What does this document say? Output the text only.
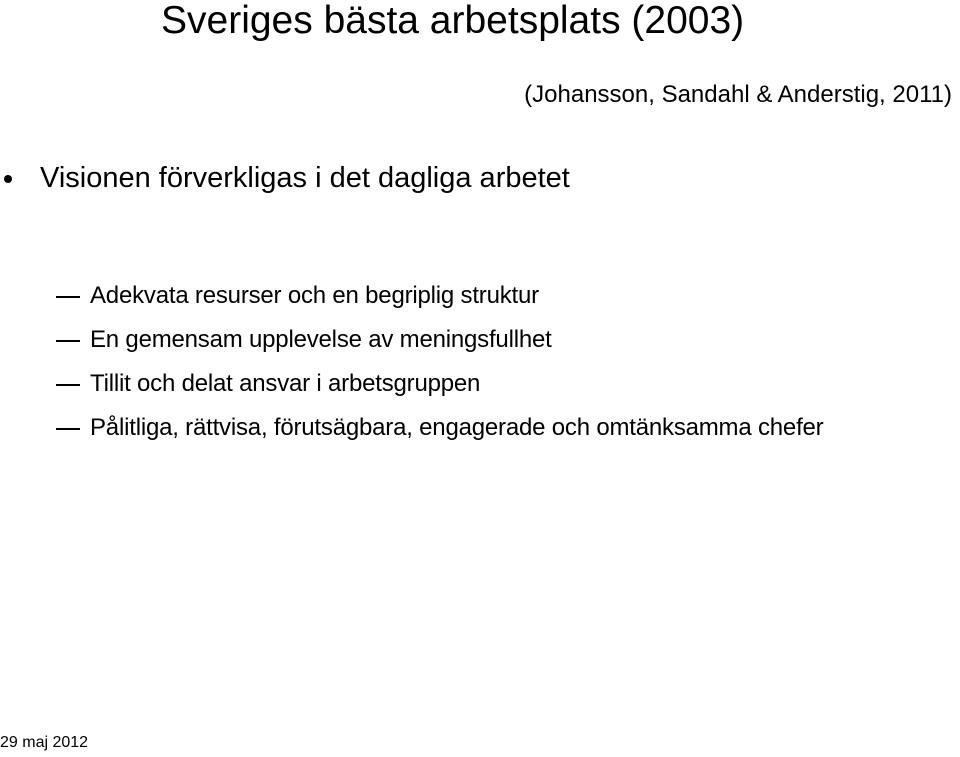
Sveriges bästa arbetsplats (2003)
(Johansson, Sandahl & Anderstig, 2011)
Visionen förverkligas i det dagliga arbetet
Adekvata resurser och en begriplig struktur
En gemensam upplevelse av meningsfullhet
Tillit och delat ansvar i arbetsgruppen
Pålitliga, rättvisa, förutsägbara, engagerade och omtänksamma chefer
29 maj 2012
